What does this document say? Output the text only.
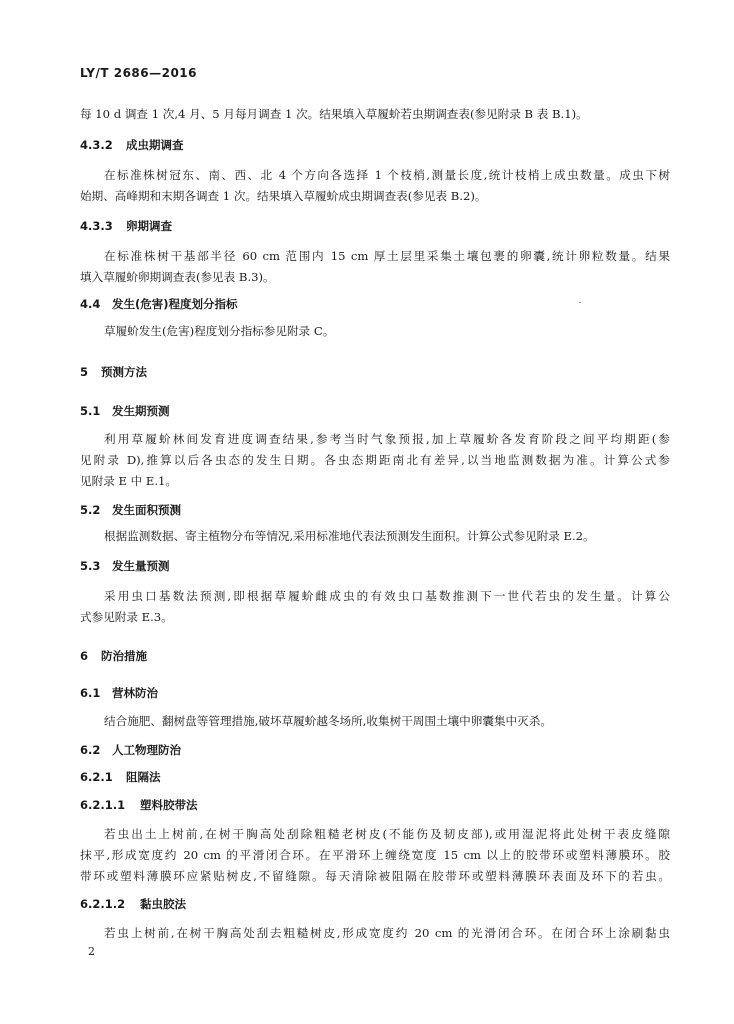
LY/T 2686—2016
每 10 d 调查 1 次,4 月、5 月每月调查 1 次。结果填入草履蚧若虫期调查表(参见附录 B 表 B.1)。
4.3.2 成虫期调查
在标准株树冠东、南、西、北 4 个方向各选择 1 个枝梢,测量长度,统计枝梢上成虫数量。成虫下树
始期、高峰期和末期各调查 1 次。结果填入草履蚧成虫期调查表(参见表 B.2)。
4.3.3 卵期调查
在标准株树干基部半径 60 cm 范围内 15 cm 厚土层里采集土壤包裹的卵囊,统计卵粒数量。结果
填入草履蚧卵期调查表(参见表 B.3)。
4.4 发生(危害)程度划分指标
草履蚧发生(危害)程度划分指标参见附录 C。
5 预测方法
5.1 发生期预测
利用草履蚧林间发育进度调查结果,参考当时气象预报,加上草履蚧各发育阶段之间平均期距(参
见附录 D),推算以后各虫态的发生日期。各虫态期距南北有差异,以当地监测数据为准。计算公式参
见附录 E 中 E.1。
5.2 发生面积预测
根据监测数据、寄主植物分布等情况,采用标准地代表法预测发生面积。计算公式参见附录 E.2。
5.3 发生量预测
采用虫口基数法预测,即根据草履蚧雌成虫的有效虫口基数推测下一世代若虫的发生量。计算公
式参见附录 E.3。
6 防治措施
6.1 营林防治
结合施肥、翻树盘等管理措施,破坏草履蚧越冬场所,收集树干周围土壤中卵囊集中灭杀。
6.2 人工物理防治
6.2.1 阻隔法
6.2.1.1 塑料胶带法
若虫出土上树前,在树干胸高处刮除粗糙老树皮(不能伤及韧皮部),或用湿泥将此处树干表皮缝隙
抹平,形成宽度约 20 cm 的平滑闭合环。在平滑环上缠绕宽度 15 cm 以上的胶带环或塑料薄膜环。胶
带环或塑料薄膜环应紧贴树皮,不留缝隙。每天清除被阻隔在胶带环或塑料薄膜环表面及环下的若虫。
6.2.1.2 黏虫胶法
若虫上树前,在树干胸高处刮去粗糙树皮,形成宽度约 20 cm 的光滑闭合环。在闭合环上涂刷黏虫
2
